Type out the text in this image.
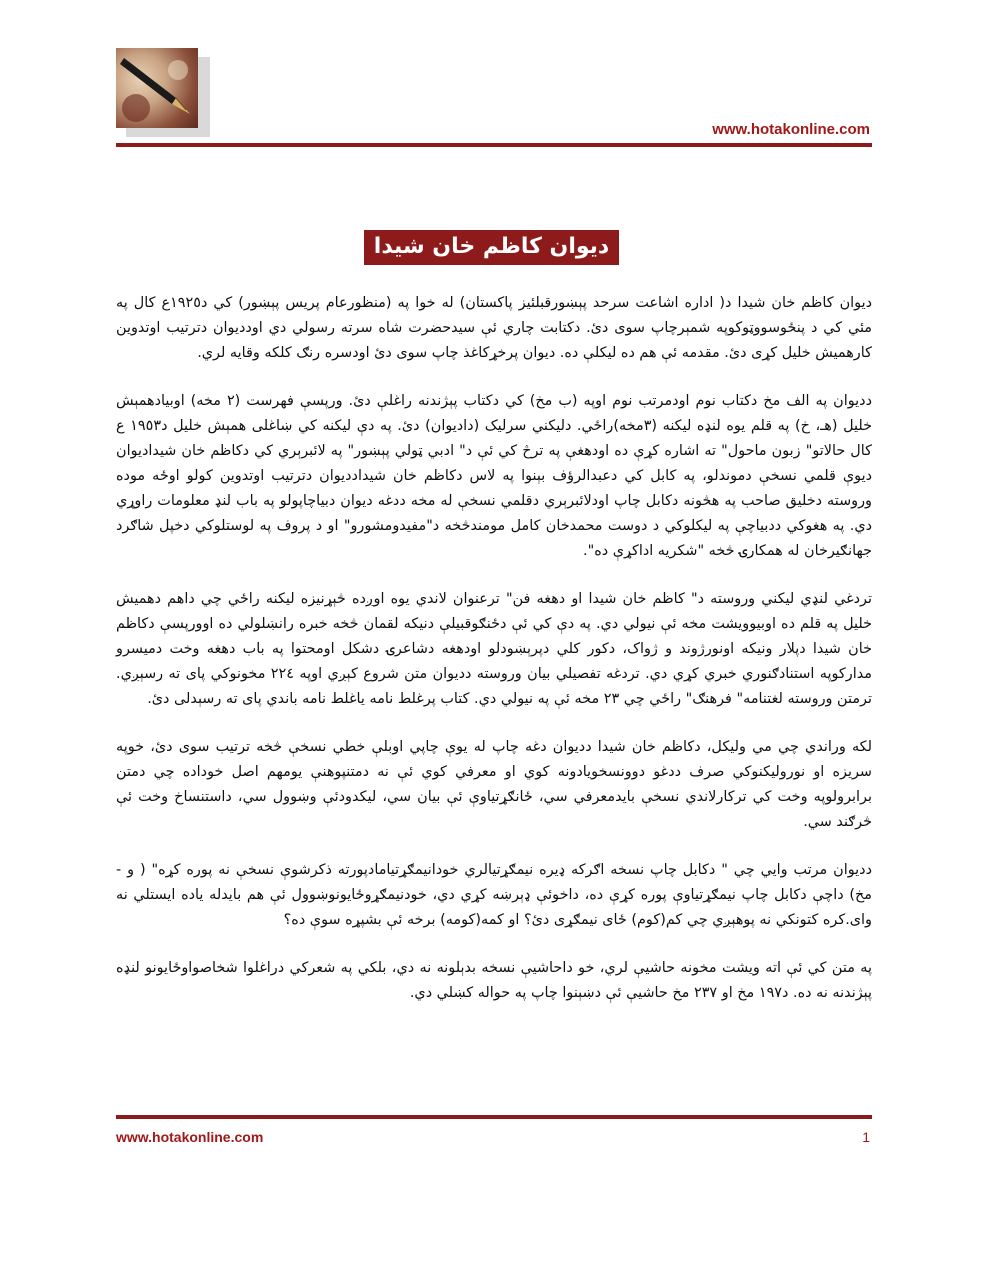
www.hotakonline.com
ديوان كاظم خان شيدا

ديوان كاظم خان شيدا د( اداره اشاعت سرحد پېښورقبلئيز پاكستان) له خوا په (منظورعام پريس پېښور) كي د١٩٢٥ع كال په مئي كي د پنځوسووټوكوپه شمېرچاپ سوی دئ. دكتابت چاري ئې سيدحضرت شاه سرته رسولي دي اوددیوان دترتيب اوتدوين كارهميش خليل كړی دئ. مقدمه ئې هم ده ليكلې ده. دیوان پرخړكاغذ چاپ سوی دئ اودسره رنګ كلكه وقايه لري.

دديوان په الف مخ دكتاب نوم اودمرتب نوم اوپه (ب مخ) كي دكتاب پېژندنه راغلې دئ. ورپسې فهرست (٢ مخه) اوبيادهمېش خليل (هـ، خ) په قلم يوه لنډه ليكنه (٣مخه)راځي. دليكني سرليک (دادیوان) دئ. په دې ليكنه كي ښاغلی همېش خليل د١٩٥٣ ع كال حالاتو" زبون ماحول" ته اشاره كړې ده اودهغې په ترڅ كي ئې د" ادبي ټولي پېښور" په لائبرېري كي دكاظم خان شيداديوان ديوې قلمي نسخې دموندلو، په كابل كي دعبدالرؤف بېنوا په لاس دكاظم خان شيدادديوان دترتيب اوتدوين كولو اوځه موده وروسته دخليق صاحب په هڅونه دكابل چاپ اودلائبرېري دقلمي نسخې له مخه ددغه ديوان دبياچاپولو په باب لنډ معلومات راوړي دي. په هغوكي ددبياچې په ليكلوكي د دوست محمدخان كامل مومندڅخه د"مفيدومشورو" او د پروف په لوستلوكي دخپل شاګرد جهانګيرخان له همكارۍ څخه "شكريه اداكړې ده".

تردغي لنډي ليكني وروسته د" كاظم خان شيدا او دهغه فن" ترعنوان لاندي يوه اوږده څېړنيزه ليكنه راځي چي داهم دهميش خليل په قلم ده اوبيوويشت مخه ئې نيولي دي. په دې كي ئې دځنګوقبيلې دنيكه لقمان څخه خبره رانښلولي ده اوورپسې دكاظم خان شيدا دپلار ونيكه اونورژوند و ژواک، دكور كلي دپرېښودلو اودهغه دشاعرۍ دشكل اومحتوا په باب دهغه وخت دميسرو مداركوپه استنادګنوري خبري كړي دي. تردغه تفصيلي بيان وروسته دديوان متن شروع كېږي اوپه ٢٢٤ مخونوكي پای ته رسېږي. ترمتن وروسته لغتنامه" فرهنګ" راځي چي ٢٣ مخه ئې په نيولي دي. كتاب پرغلط نامه ياغلط نامه باندي پای ته رسېدلی دئ.

لكه وراندي چي مي وليكل، دكاظم خان شيدا ددیوان دغه چاپ له يوې چاپي اوبلې خطي نسخې څخه ترتيب سوی دئ، خوپه سريزه او نوروليكنوكي صرف ددغو دوونسخويادونه كوي او معرفي كوي ئې نه دمتنپوهنې يومهم اصل خوداده چي دمتن برابرولوپه وخت كي تركارلاندي نسخې بايدمعرفي سي، ځانګړتياوې ئې بيان سي، ليكدودئې وښوول سي، داستنساخ وخت ئې څرګند سي.

دديوان مرتب وايي چي " دكابل چاپ نسخه اګركه ډيره نيمګړتيالري خودانيمګړتيامادپورته ذكرشوې نسخې نه پوره كړه" ( و - مخ) داچې دكابل چاپ نيمګړتياوې پوره كړې ده، داخوئې ډېرښه كړي دي، خودنيمګړوځايونوښوول ئې هم بايدله ياده ايستلي نه وای.كره كتونكي نه پوهېږي چي كم(كوم) ځای نيمګړی دئ؟ او كمه(كومه) برخه ئې بشپړه سوې ده؟

په متن كي ئې اته ويشت مخونه حاشيې لري، خو داحاشيې نسخه بدېلونه نه دي، بلكي په شعركي دراغلوا شخاصواوځايونو لنډه پېژندنه نه ده. د١٩٧ مخ او ٢٣٧ مخ حاشيې ئې دښېنوا چاپ په حواله كښلي دي.

www.hotakonline.com	1
